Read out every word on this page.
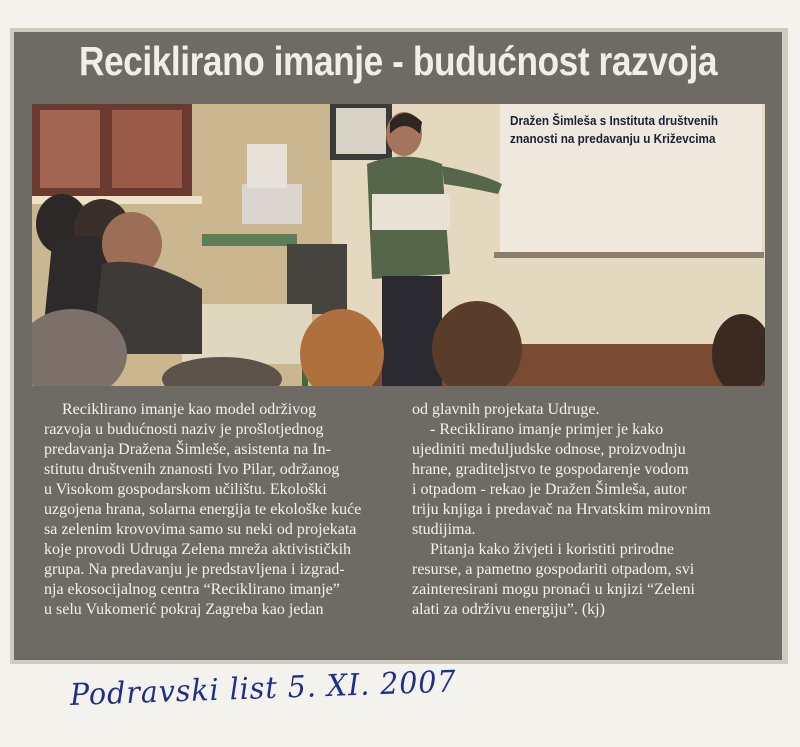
Reciklirano imanje - budućnost razvoja
Dražen Šimleša s Instituta društvenih
znanosti na predavanju u Križevcima
Reciklirano imanje kao model održivog
razvoja u budućnosti naziv je prošlotjednog
predavanja Dražena Šimleše, asistenta na In-
stitutu društvenih znanosti Ivo Pilar, održanog
u Visokom gospodarskom učilištu. Ekološki
uzgojena hrana, solarna energija te ekološke kuće
sa zelenim krovovima samo su neki od projekata
koje provodi Udruga Zelena mreža aktivističkih
grupa. Na predavanju je predstavljena i izgrad-
nja ekosocijalnog centra “Reciklirano imanje”
u selu Vukomerić pokraj Zagreba kao jedan
od glavnih projekata Udruge.
- Reciklirano imanje primjer je kako
ujediniti međuljudske odnose, proizvodnju
hrane, graditeljstvo te gospodarenje vodom
i otpadom - rekao je Dražen Šimleša, autor
triju knjiga i predavač na Hrvatskim mirovnim
studijima.
Pitanja kako živjeti i koristiti prirodne
resurse, a pametno gospodariti otpadom, svi
zainteresirani mogu pronaći u knjizi “Zeleni
alati za održivu energiju”. (kj)
Podravski list 5. XI. 2007
